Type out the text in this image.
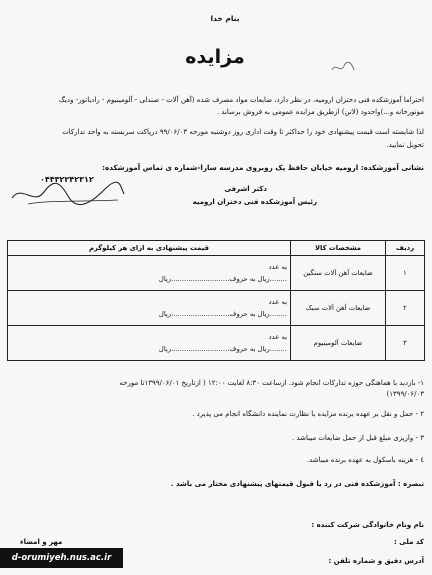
بنام خدا
مزایده
احتراما آموزشکده فنی دختران ارومیه، در نظر دارد، ضایعات مواد مصرف شده (آهن آلات - صندلی - آلومینیوم - رادیاتور- ودیگ
موتورخانه و...)واحدود (لاتن) ازطریق مزایده عمومی به فروش برساند .
لذا شایسته است قیمت پیشنهادی خود را حداکثر تا وقت اداری روز دوشنبه مورخه ۹۹/۰۶/۰۳ درپاکت سربسته به واحد تدارکات
تحویل نمایید.
نشانی آموزشکده: ارومیه خیابان حافظ یک روبروی مدرسه سارا-شماره ی تماس آموزشکده:
۰۴۴۳۲۲۴۲۳۱۲
دکتر اشرفی
رئیس آموزشکده فنی دختران ارومیه
ردیف	مشخصات کالا	قیمت پیشنهادی به ازای هر کیلوگرم
۱	ضایعات آهن آلات سنگین	به عدد
........ریال به حروف...........................ریال

۲	ضایعات آهن آلات سبک	به عدد
........ریال به حروف...........................ریال

۳	ضایعات آلومینیوم	به عدد
........ریال به حروف...........................ریال
۱- بازدید با هماهنگی حوزه تدارکات انجام شود. ازساعت ۸:۳۰ لغایت ۱۲:۰۰ ( ازتاریخ ۱۳۹۹/۰۶/۰۱تا مورخه
۱۳۹۹/۰۶/۰۳)
۲ - حمل و نقل بر عهده برنده مزایده با نظارت نماینده دانشگاه انجام می پذیرد .
۳ - واریزی مبلغ قبل از حمل ضایعات میباشد .
٤ - هزینه باسکول به عهده برنده میباشد.
تبصره : آموزشکده فنی در رد یا قبول قیمتهای پیشنهادی مختار می باشد .
نام ونام خانوادگی شرکت کننده :
کد ملی :
مهر و امضاء
آدرس دقیق و شماره تلفن :
d-orumiyeh.nus.ac.ir
